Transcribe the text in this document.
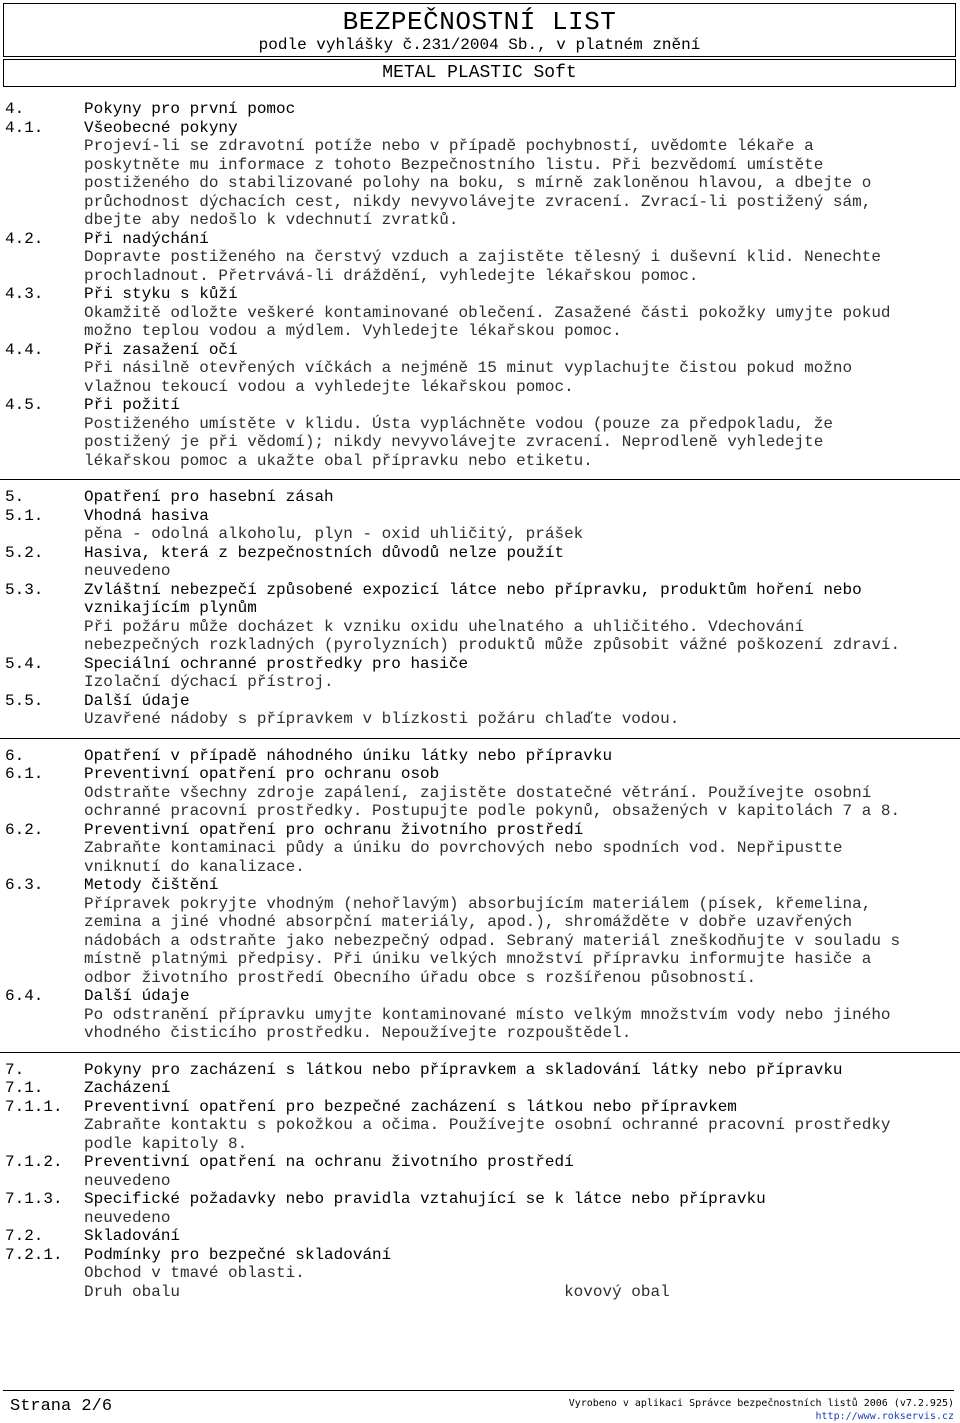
BEZPEČNOSTNÍ LIST
podle vyhlášky č.231/2004 Sb., v platném znění
METAL PLASTIC Soft
4.	Pokyny pro první pomoc
4.1.	Všeobecné pokyny
Projeví-li se zdravotní potíže nebo v případě pochybností, uvědomte lékaře a
poskytněte mu informace z tohoto Bezpečnostního listu. Při bezvědomí umístěte
postiženého do stabilizované polohy na boku, s mírně zakloněnou hlavou, a dbejte o
průchodnost dýchacích cest, nikdy nevyvolávejte zvracení. Zvrací-li postižený sám,
dbejte aby nedošlo k vdechnutí zvratků.
4.2.	Při nadýchání
Dopravte postiženého na čerstvý vzduch a zajistěte tělesný i duševní klid. Nenechte
prochladnout. Přetrvává-li dráždění, vyhledejte lékařskou pomoc.
4.3.	Při styku s kůží
Okamžitě odložte veškeré kontaminované oblečení. Zasažené části pokožky umyjte pokud
možno teplou vodou a mýdlem. Vyhledejte lékařskou pomoc.
4.4.	Při zasažení očí
Při násilně otevřených víčkách a nejméně 15 minut vyplachujte čistou pokud možno
vlažnou tekoucí vodou a vyhledejte lékařskou pomoc.
4.5.	Při požití
Postiženého umístěte v klidu. Ústa vypláchněte vodou (pouze za předpokladu, že
postižený je při vědomí); nikdy nevyvolávejte zvracení. Neprodleně vyhledejte
lékařskou pomoc a ukažte obal přípravku nebo etiketu.
5.	Opatření pro hasební zásah
5.1.	Vhodná hasiva
pěna - odolná alkoholu, plyn - oxid uhličitý, prášek
5.2.	Hasiva, která z bezpečnostních důvodů nelze použít
neuvedeno
5.3.	Zvláštní nebezpečí způsobené expozicí látce nebo přípravku, produktům hoření nebo
vznikajícím plynům
Při požáru může docházet k vzniku oxidu uhelnatého a uhličitého. Vdechování
nebezpečných rozkladných (pyrolyzních) produktů může způsobit vážné poškození zdraví.
5.4.	Speciální ochranné prostředky pro hasiče
Izolační dýchací přístroj.
5.5.	Další údaje
Uzavřené nádoby s přípravkem v blízkosti požáru chlaďte vodou.
6.	Opatření v případě náhodného úniku látky nebo přípravku
6.1.	Preventivní opatření pro ochranu osob
Odstraňte všechny zdroje zapálení, zajistěte dostatečné větrání. Používejte osobní
ochranné pracovní prostředky. Postupujte podle pokynů, obsažených v kapitolách 7 a 8.
6.2.	Preventivní opatření pro ochranu životního prostředí
Zabraňte kontaminaci půdy a úniku do povrchových nebo spodních vod. Nepřipustte
vniknutí do kanalizace.
6.3.	Metody čištění
Přípravek pokryjte vhodným (nehořlavým) absorbujícím materiálem (písek, křemelina,
zemina a jiné vhodné absorpční materiály, apod.), shromážděte v dobře uzavřených
nádobách a odstraňte jako nebezpečný odpad. Sebraný materiál zneškodňujte v souladu s
místně platnými předpisy. Při úniku velkých množství přípravku informujte hasiče a
odbor životního prostředí Obecního úřadu obce s rozšířenou působností.
6.4.	Další údaje
Po odstranění přípravku umyjte kontaminované místo velkým množstvím vody nebo jiného
vhodného čisticího prostředku. Nepoužívejte rozpouštědel.
7.	Pokyny pro zacházení s látkou nebo přípravkem a skladování látky nebo přípravku
7.1.	Zacházení
7.1.1.	Preventivní opatření pro bezpečné zacházení s látkou nebo přípravkem
Zabraňte kontaktu s pokožkou a očima. Používejte osobní ochranné pracovní prostředky
podle kapitoly 8.
7.1.2.	Preventivní opatření na ochranu životního prostředí
neuvedeno
7.1.3.	Specifické požadavky nebo pravidla vztahující se k látce nebo přípravku
neuvedeno
7.2.	Skladování
7.2.1.	Podmínky pro bezpečné skladování
Obchod v tmavé oblasti.
Druh obalu                                        kovový obal
Strana 2/6	Vyrobeno v aplikaci Správce bezpečnostních listů 2006 (v7.2.925)
http://www.rokservis.cz
